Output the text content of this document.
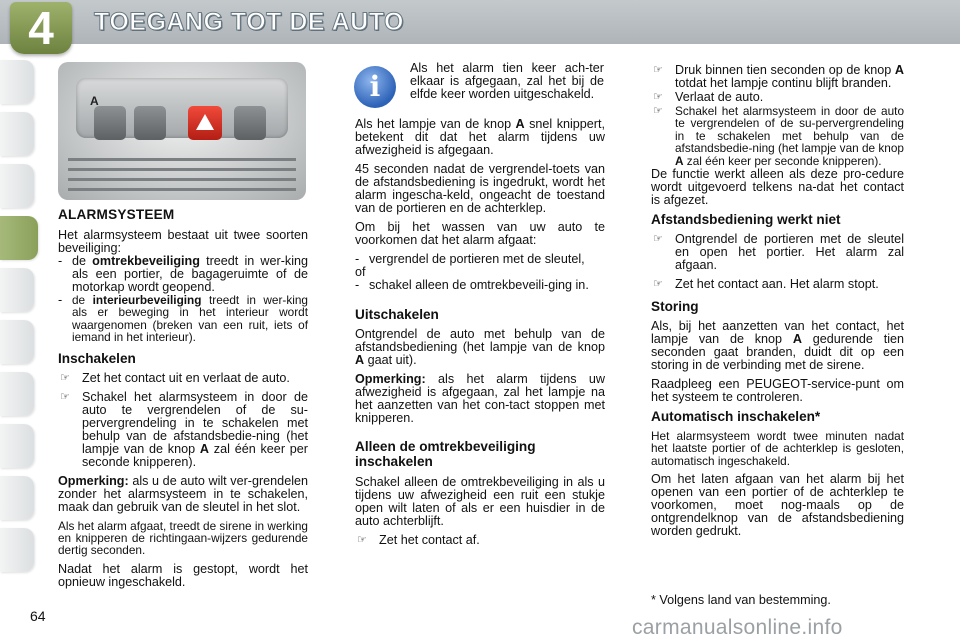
4	TOEGANG TOT DE AUTO
A
ALARMSYSTEEM

Het alarmsysteem bestaat uit twee soorten beveiliging:

- de omtrekbeveiliging treedt in wer-king als een portier, de bagageruimte of de motorkap wordt geopend.
- de interieurbeveiliging treedt in wer-king als er beweging in het interieur wordt waargenomen (breken van een ruit, iets of iemand in het interieur).
Inschakelen
☞ Zet het contact uit en verlaat de auto.
☞ Schakel het alarmsysteem in door de auto te vergrendelen of de su-pervergrendeling in te schakelen met behulp van de afstandsbedie-ning (het lampje van de knop A zal één keer per seconde knipperen).

Opmerking: als u de auto wilt ver-grendelen zonder het alarmsysteem in te schakelen, maak dan gebruik van de sleutel in het slot.

Als het alarm afgaat, treedt de sirene in werking en knipperen de richtingaan-wijzers gedurende dertig seconden.

Nadat het alarm is gestopt, wordt het opnieuw ingeschakeld.

i

Als het alarm tien keer ach-ter elkaar is afgegaan, zal het bij de elfde keer worden uitgeschakeld.

Als het lampje van de knop A snel knippert, betekent dit dat het alarm tijdens uw afwezigheid is afgegaan.

45 seconden nadat de vergrendel-toets van de afstandsbediening is ingedrukt, wordt het alarm ingescha-keld, ongeacht de toestand van de portieren en de achterklep.

Om bij het wassen van uw auto te voorkomen dat het alarm afgaat:

- vergrendel de portieren met de sleutel,
of
- schakel alleen de omtrekbeveili-ging in.
Uitschakelen

Ontgrendel de auto met behulp van de afstandsbediening (het lampje van de knop A gaat uit).

Opmerking: als het alarm tijdens uw afwezigheid is afgegaan, zal het lampje na het aanzetten van het con-tact stoppen met knipperen.

Alleen de omtrekbeveiliging inschakelen

Schakel alleen de omtrekbeveiliging in als u tijdens uw afwezigheid een ruit een stukje open wilt laten of als er een huisdier in de auto achterblijft.

☞ Zet het contact af.
☞ Druk binnen tien seconden op de knop A totdat het lampje continu blijft branden.
☞ Verlaat de auto.
☞	Schakel het alarmsysteem in door de auto te vergrendelen of de su-pervergrendeling in te schakelen met behulp van de afstandsbedie-ning (het lampje van de knop A zal één keer per seconde knipperen).

De functie werkt alleen als deze pro-cedure wordt uitgevoerd telkens na-dat het contact is afgezet.

Afstandsbediening werkt niet
☞ Ontgrendel de portieren met de sleutel en open het portier. Het alarm zal afgaan.
☞ Zet het contact aan. Het alarm stopt.
Storing

Als, bij het aanzetten van het contact, het lampje van de knop A gedurende tien seconden gaat branden, duidt dit op een storing in de verbinding met de sirene.

Raadpleeg een PEUGEOT-service-punt om het systeem te controleren.

Automatisch inschakelen*

Het alarmsysteem wordt twee minuten nadat het laatste portier of de achterklep is gesloten, automatisch ingeschakeld.

Om het laten afgaan van het alarm bij het openen van een portier of de achterklep te voorkomen, moet nog-maals op de ontgrendelknop van de afstandsbediening worden gedrukt.

* Volgens land van bestemming.

64	carmanualsonline.info
